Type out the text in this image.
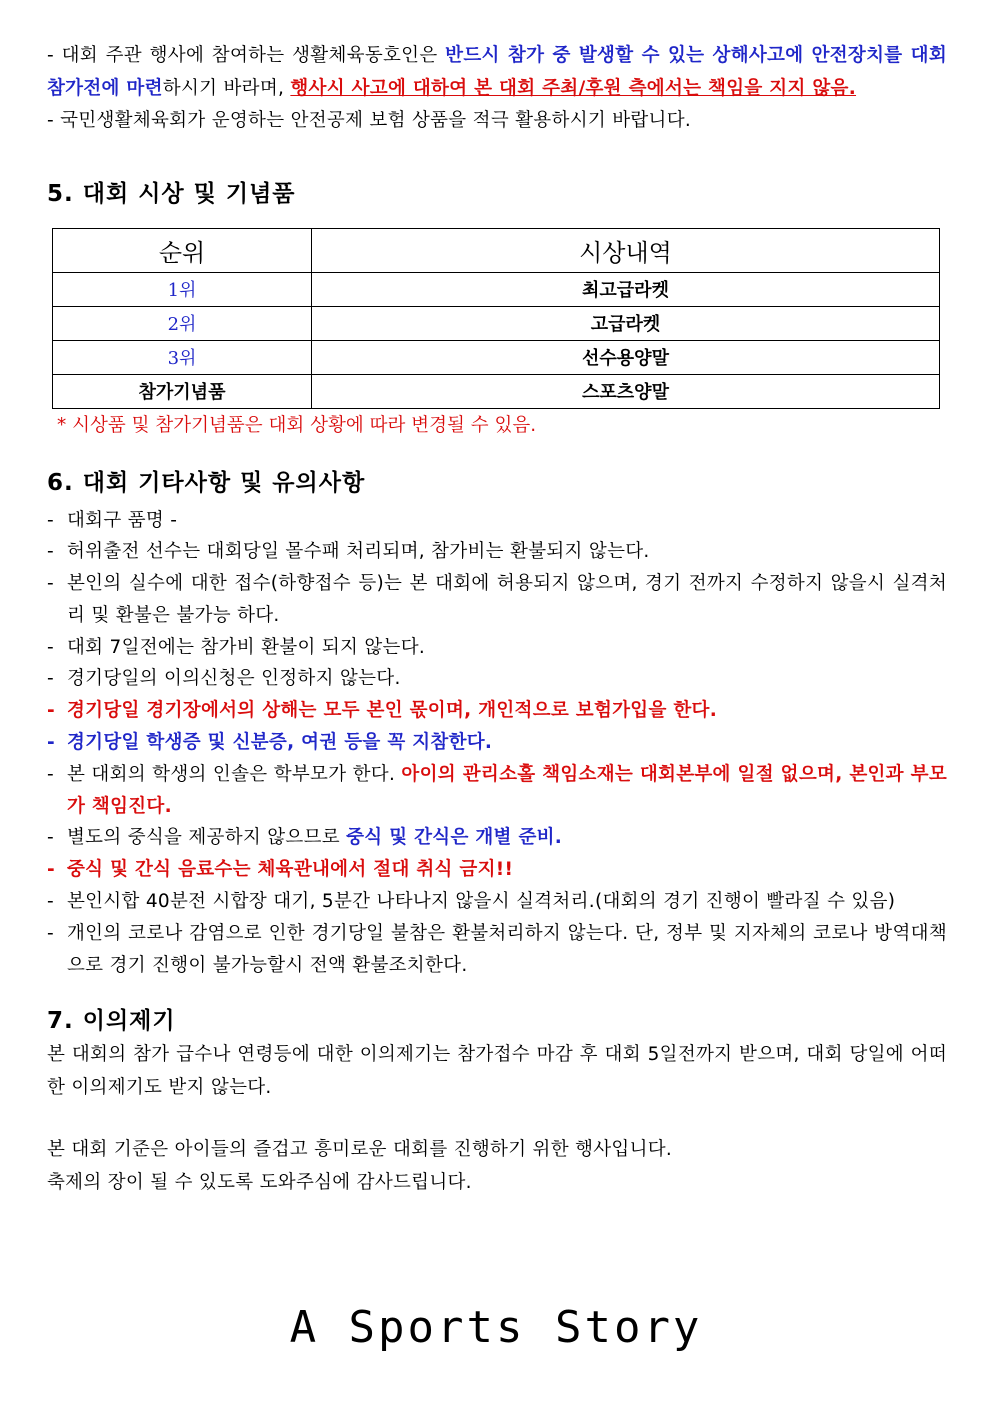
- 대회 주관 행사에 참여하는 생활체육동호인은 반드시 참가 중 발생할 수 있는 상해사고에 안전장치를 대회 참가전에 마련하시기 바라며, 행사시 사고에 대하여 본 대회 주최/후원 측에서는 책임을 지지 않음.

- 국민생활체육회가 운영하는 안전공제 보험 상품을 적극 활용하시기 바랍니다.

5. 대회 시상 및 기념품
순위	시상내역
1위	최고급라켓
2위	고급라켓
3위	선수용양말
참가기념품	스포츠양말

* 시상품 및 참가기념품은 대회 상황에 따라 변경될 수 있음.

6. 대회 기타사항 및 유의사항
- 대회구 품명 -
- 허위출전 선수는 대회당일 몰수패 처리되며, 참가비는 환불되지 않는다.
- 본인의 실수에 대한 접수(하향접수 등)는 본 대회에 허용되지 않으며, 경기 전까지 수정하지 않을시 실격처리 및 환불은 불가능 하다.
- 대회 7일전에는 참가비 환불이 되지 않는다.
- 경기당일의 이의신청은 인정하지 않는다.
- 경기당일 경기장에서의 상해는 모두 본인 몫이며, 개인적으로 보험가입을 한다.
- 경기당일 학생증 및 신분증, 여권 등을 꼭 지참한다.
- 본 대회의 학생의 인솔은 학부모가 한다. 아이의 관리소홀 책임소재는 대회본부에 일절 없으며, 본인과 부모가 책임진다.
- 별도의 중식을 제공하지 않으므로 중식 및 간식은 개별 준비.
- 중식 및 간식 음료수는 체육관내에서 절대 취식 금지!!
- 본인시합 40분전 시합장 대기, 5분간 나타나지 않을시 실격처리.(대회의 경기 진행이 빨라질 수 있음)
- 개인의 코로나 감염으로 인한 경기당일 불참은 환불처리하지 않는다. 단, 정부 및 지자체의 코로나 방역대책으로 경기 진행이 불가능할시 전액 환불조치한다.
7. 이의제기

본 대회의 참가 급수나 연령등에 대한 이의제기는 참가접수 마감 후 대회 5일전까지 받으며, 대회 당일에 어떠한 이의제기도 받지 않는다.

본 대회 기준은 아이들의 즐겁고 흥미로운 대회를 진행하기 위한 행사입니다.

축제의 장이 될 수 있도록 도와주심에 감사드립니다.

A Sports Story
